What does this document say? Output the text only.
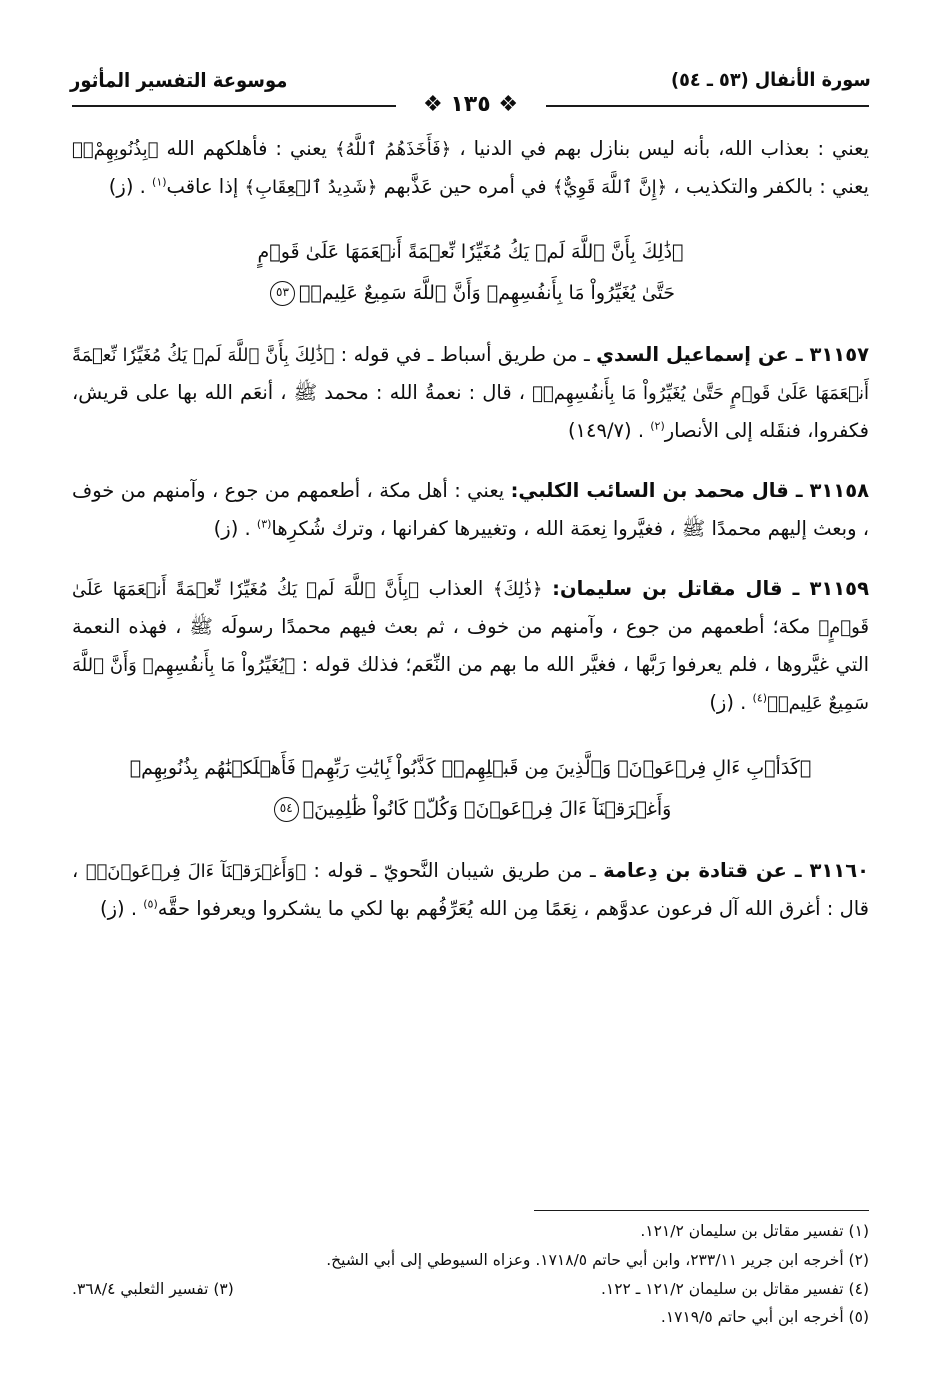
سورة الأنفال (٥٣ ـ ٥٤)
موسوعة التفسير المأثور
❖ ١٣٥ ❖

يعني : بعذاب الله، بأنه ليس بنازل بهم في الدنيا ، ﴿فَأَخَذَهُمُ ٱللَّهُ﴾ يعني : فأهلكهم الله ﴿بِذُنُوبِهِمْۗ﴾ يعني : بالكفر والتكذيب ، ﴿إِنَّ ٱللَّهَ قَوِيٌّ﴾ في أمره حين عَذَّبهم ﴿شَدِيدُ ٱلۡعِقَابِ﴾ إذا عاقب$^{(١)}$ . (ز)

﴿ذَٰلِكَ بِأَنَّ ٱللَّهَ لَمۡ يَكُ مُغَيِّرٗا نِّعۡمَةً أَنۡعَمَهَا عَلَىٰ قَوۡمٍ
حَتَّىٰ يُغَيِّرُواْ مَا بِأَنفُسِهِمۡ وَأَنَّ ٱللَّهَ سَمِيعٌ عَلِيمٞ﴾٥٣

٣١١٥٧ ـ عن إسماعيل السدي ـ من طريق أسباط ـ في قوله : ﴿ذَٰلِكَ بِأَنَّ ٱللَّهَ لَمۡ يَكُ مُغَيِّرٗا نِّعۡمَةً أَنۡعَمَهَا عَلَىٰ قَوۡمٍ حَتَّىٰ يُغَيِّرُواْ مَا بِأَنفُسِهِمۡ﴾ ، قال : نعمةُ الله : محمد ﷺ ، أنعَم الله بها على قريش، فكفروا، فنقَله إلى الأنصار$^{(٢)}$ . (١٤٩/٧)

٣١١٥٨ ـ قال محمد بن السائب الكلبي: يعني : أهل مكة ، أطعمهم من جوع ، وآمنهم من خوف ، وبعث إليهم محمدًا ﷺ ، فغيَّروا نِعمَة الله ، وتغييرها كفرانها ، وترك شُكرِها$^{(٣)}$ . (ز)

٣١١٥٩ ـ قال مقاتل بن سليمان: ﴿ذَٰلِكَ﴾ العذاب ﴿بِأَنَّ ٱللَّهَ لَمۡ يَكُ مُغَيِّرٗا نِّعۡمَةً أَنۡعَمَهَا عَلَىٰ قَوۡمٍ﴾ مكة؛ أطعمهم من جوع ، وآمنهم من خوف ، ثم بعث فيهم محمدًا رسولَه ﷺ ، فهذه النعمة التي غيَّروها ، فلم يعرفوا رَبَّها ، فغيَّر الله ما بهم من النِّعَم؛ فذلك قوله : ﴿يُغَيِّرُواْ مَا بِأَنفُسِهِمۡ وَأَنَّ ٱللَّهَ سَمِيعٌ عَلِيمٞ﴾$^{(٤)}$ . (ز)

﴿كَدَأۡبِ ءَالِ فِرۡعَوۡنَۙ وَٱلَّذِينَ مِن قَبۡلِهِمۡۚ كَذَّبُواْ بِ‍َٔايَٰتِ رَبِّهِمۡ فَأَهۡلَكۡنَٰهُم بِذُنُوبِهِمۡ
وَأَغۡرَقۡنَآ ءَالَ فِرۡعَوۡنَۚ وَكُلّٞ كَانُواْ ظَٰلِمِينَ﴾٥٤

٣١١٦٠ ـ عن قتادة بن دِعامة ـ من طريق شيبان النَّحويّ ـ قوله : ﴿وَأَغۡرَقۡنَآ ءَالَ فِرۡعَوۡنَۚ﴾ ، قال : أغرق الله آل فرعون عدوَّهم ، نِعَمًا مِن الله يُعَرِّفُهم بها لكي ما يشكروا ويعرفوا حقَّه$^{(٥)}$ . (ز)

(١) تفسير مقاتل بن سليمان ١٢١/٢.

(٢) أخرجه ابن جرير ٢٣٣/١١، وابن أبي حاتم ١٧١٨/٥. وعزاه السيوطي إلى أبي الشيخ.

(٤) تفسير مقاتل بن سليمان ١٢١/٢ ـ ١٢٢.

(٣) تفسير الثعلبي ٣٦٨/٤.

(٥) أخرجه ابن أبي حاتم ١٧١٩/٥.
